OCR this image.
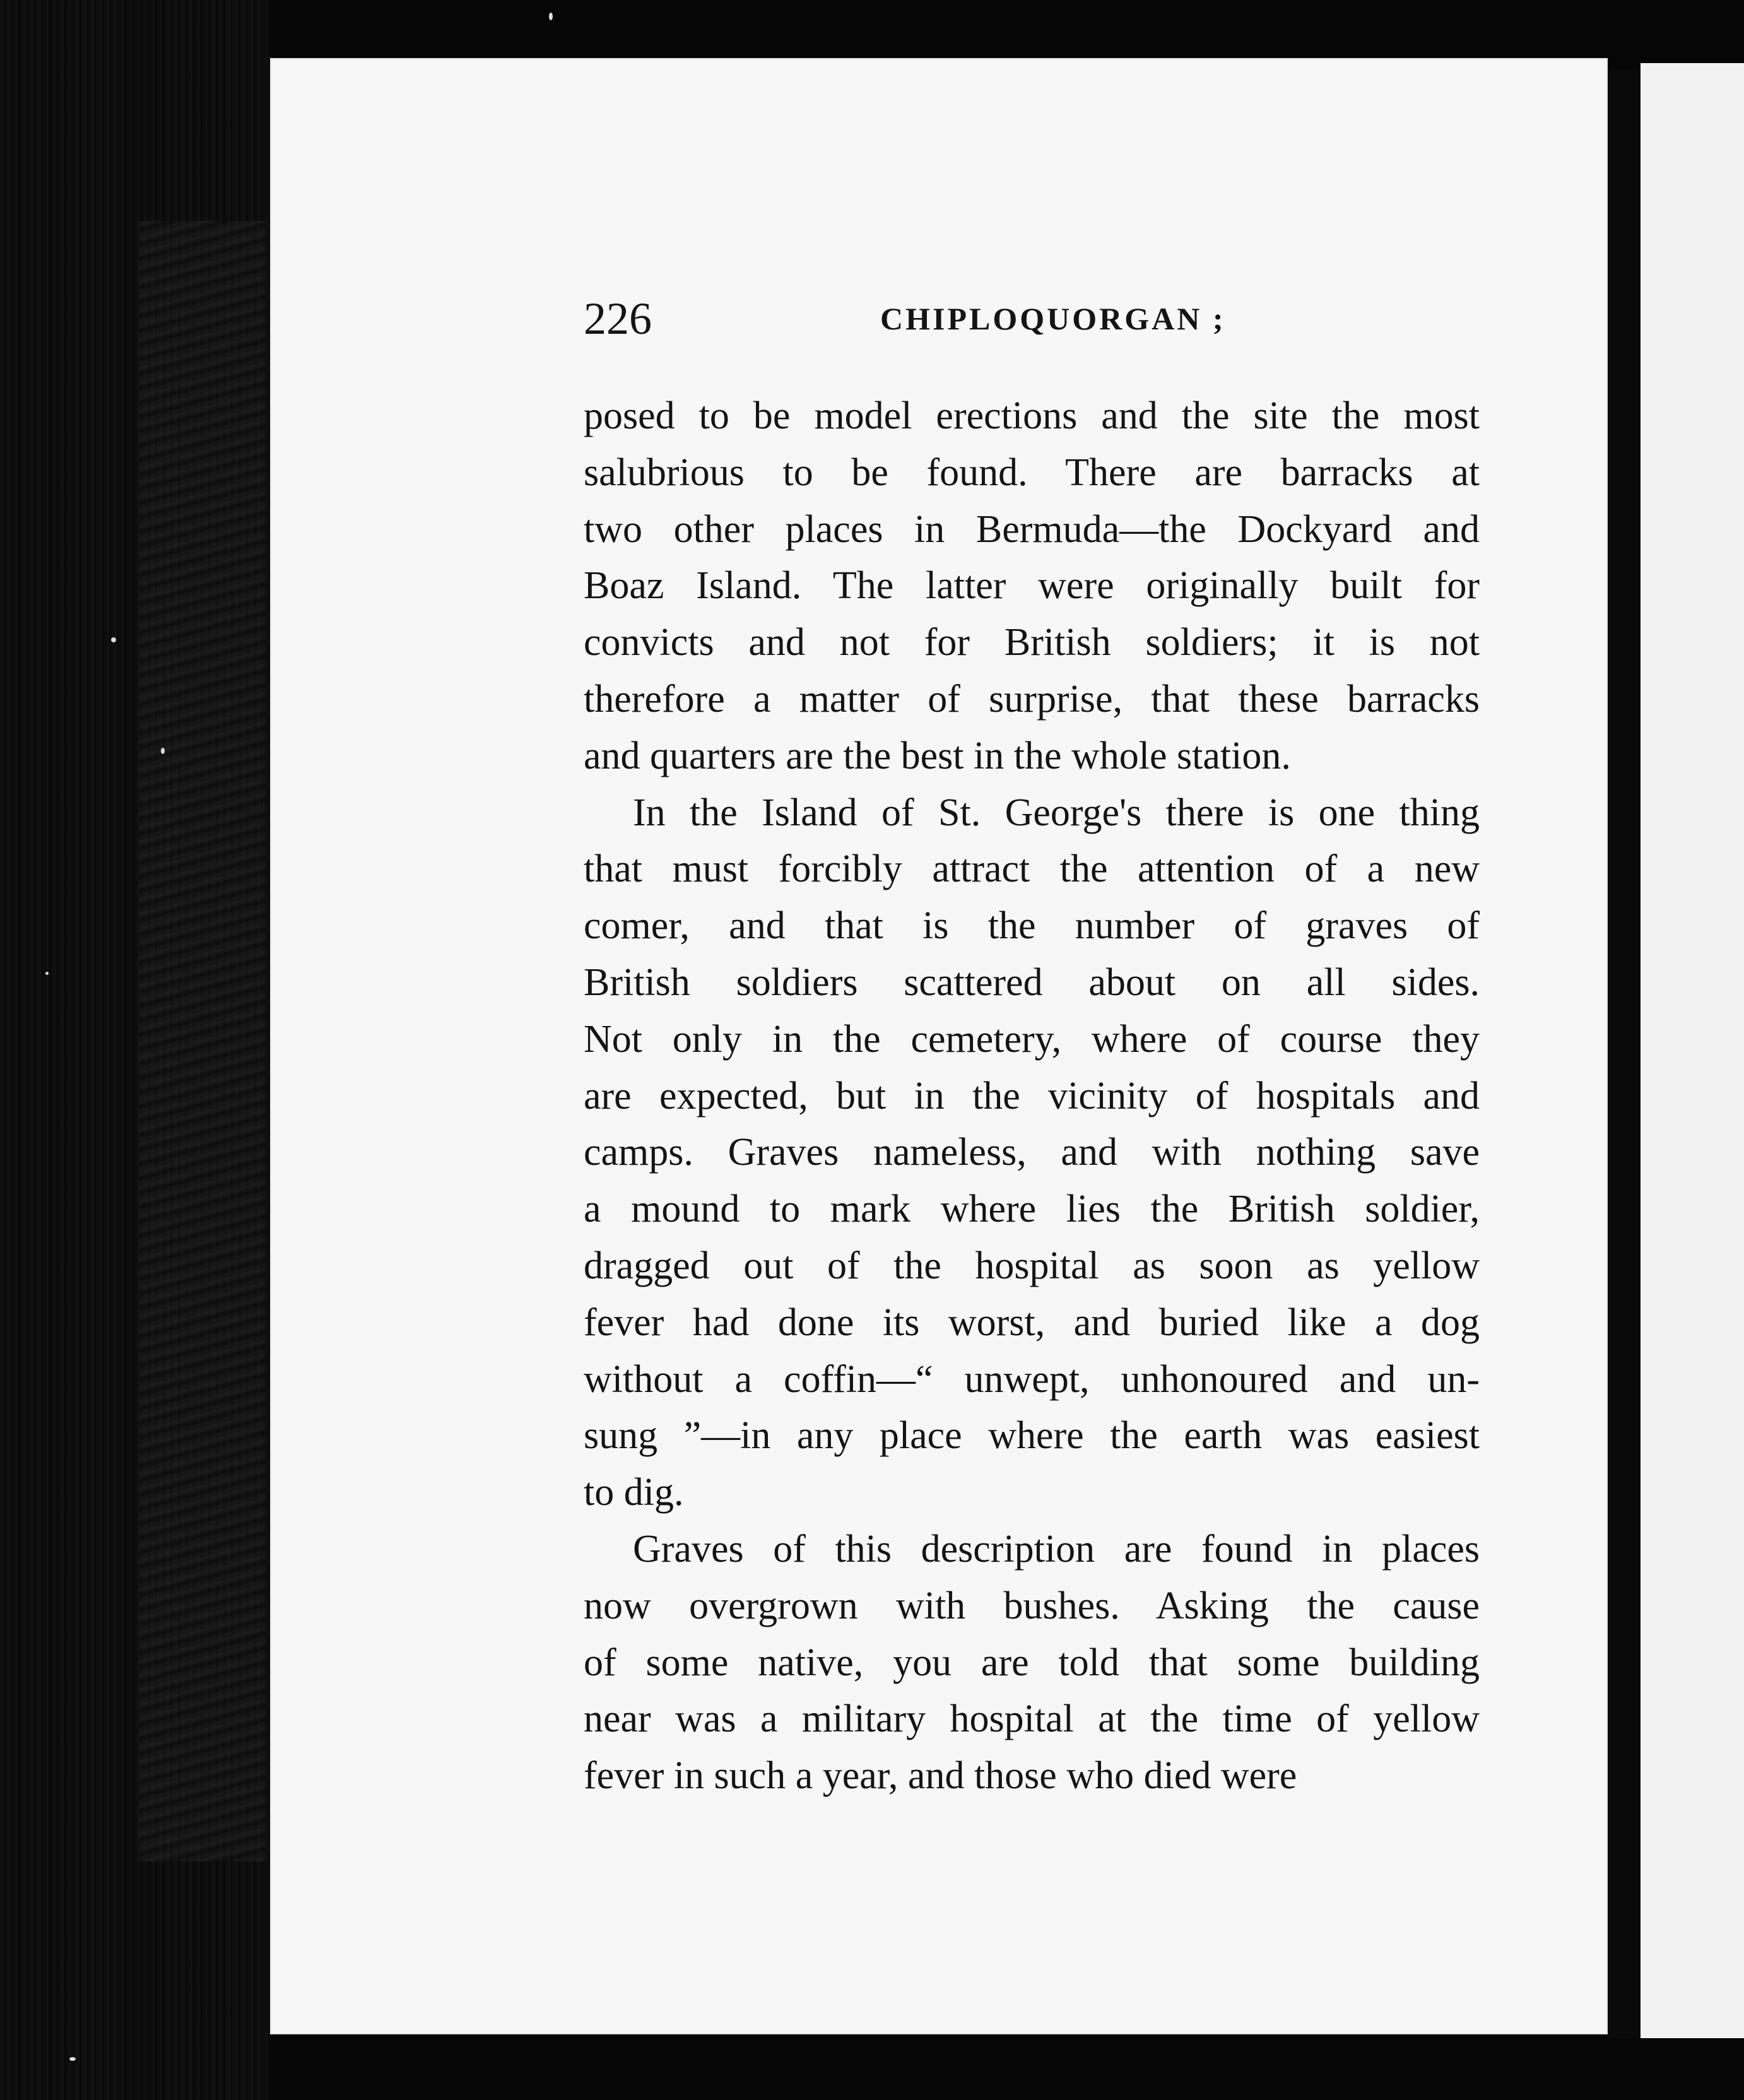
226	CHIPLOQUORGAN ;
posed to be model erections and the site the most
salubrious to be found. There are barracks at
two other places in Bermuda—the Dockyard and
Boaz Island. The latter were originally built for
convicts and not for British soldiers; it is not
therefore a matter of surprise, that these barracks
and quarters are the best in the whole station.
In the Island of St. George's there is one thing
that must forcibly attract the attention of a new
comer, and that is the number of graves of
British soldiers scattered about on all sides.
Not only in the cemetery, where of course they
are expected, but in the vicinity of hospitals and
camps. Graves nameless, and with nothing save
a mound to mark where lies the British soldier,
dragged out of the hospital as soon as yellow
fever had done its worst, and buried like a dog
without a coffin—“ unwept, unhonoured and un-
sung ”—in any place where the earth was easiest
to dig.
Graves of this description are found in places
now overgrown with bushes. Asking the cause
of some native, you are told that some building
near was a military hospital at the time of yellow
fever in such a year, and those who died were
